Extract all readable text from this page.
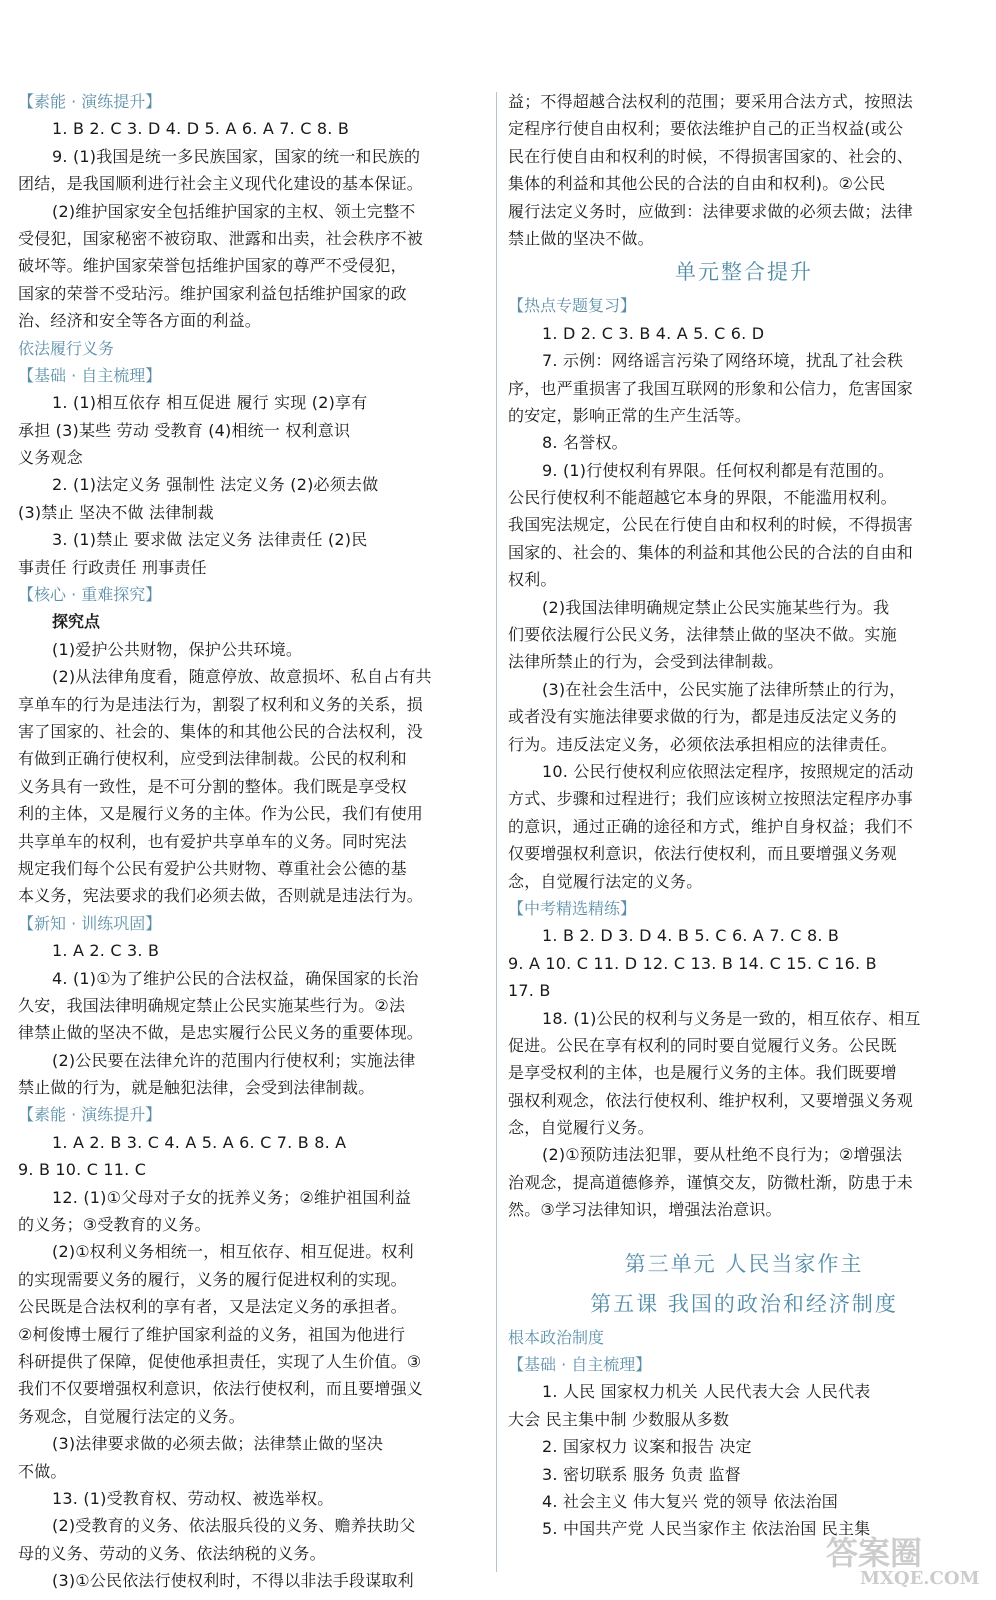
【素能 · 演练提升】
1. B 2. C 3. D 4. D 5. A 6. A 7. C 8. B
9. (1)我国是统一多民族国家，国家的统一和民族的
团结，是我国顺利进行社会主义现代化建设的基本保证。
(2)维护国家安全包括维护国家的主权、领土完整不
受侵犯，国家秘密不被窃取、泄露和出卖，社会秩序不被
破坏等。维护国家荣誉包括维护国家的尊严不受侵犯，
国家的荣誉不受玷污。维护国家利益包括维护国家的政
治、经济和安全等各方面的利益。
依法履行义务
【基础 · 自主梳理】
1. (1)相互依存 相互促进 履行 实现 (2)享有
承担 (3)某些 劳动 受教育 (4)相统一 权利意识
义务观念
2. (1)法定义务 强制性 法定义务 (2)必须去做
(3)禁止 坚决不做 法律制裁
3. (1)禁止 要求做 法定义务 法律责任 (2)民
事责任 行政责任 刑事责任
【核心 · 重难探究】
探究点
(1)爱护公共财物，保护公共环境。
(2)从法律角度看，随意停放、故意损坏、私自占有共
享单车的行为是违法行为，割裂了权利和义务的关系，损
害了国家的、社会的、集体的和其他公民的合法权利，没
有做到正确行使权利，应受到法律制裁。公民的权利和
义务具有一致性，是不可分割的整体。我们既是享受权
利的主体，又是履行义务的主体。作为公民，我们有使用
共享单车的权利，也有爱护共享单车的义务。同时宪法
规定我们每个公民有爱护公共财物、尊重社会公德的基
本义务，宪法要求的我们必须去做，否则就是违法行为。
【新知 · 训练巩固】
1. A 2. C 3. B
4. (1)①为了维护公民的合法权益，确保国家的长治
久安，我国法律明确规定禁止公民实施某些行为。②法
律禁止做的坚决不做，是忠实履行公民义务的重要体现。
(2)公民要在法律允许的范围内行使权利；实施法律
禁止做的行为，就是触犯法律，会受到法律制裁。
【素能 · 演练提升】
1. A 2. B 3. C 4. A 5. A 6. C 7. B 8. A
9. B 10. C 11. C
12. (1)①父母对子女的抚养义务；②维护祖国利益
的义务；③受教育的义务。
(2)①权利义务相统一，相互依存、相互促进。权利
的实现需要义务的履行，义务的履行促进权利的实现。
公民既是合法权利的享有者，又是法定义务的承担者。
②柯俊博士履行了维护国家利益的义务，祖国为他进行
科研提供了保障，促使他承担责任，实现了人生价值。③
我们不仅要增强权利意识，依法行使权利，而且要增强义
务观念，自觉履行法定的义务。
(3)法律要求做的必须去做；法律禁止做的坚决
不做。
13. (1)受教育权、劳动权、被选举权。
(2)受教育的义务、依法服兵役的义务、赡养扶助父
母的义务、劳动的义务、依法纳税的义务。
(3)①公民依法行使权利时，不得以非法手段谋取利
益；不得超越合法权利的范围；要采用合法方式，按照法
定程序行使自由权利；要依法维护自己的正当权益(或公
民在行使自由和权利的时候，不得损害国家的、社会的、
集体的利益和其他公民的合法的自由和权利)。②公民
履行法定义务时，应做到：法律要求做的必须去做；法律
禁止做的坚决不做。
单元整合提升
【热点专题复习】
1. D 2. C 3. B 4. A 5. C 6. D
7. 示例：网络谣言污染了网络环境，扰乱了社会秩
序，也严重损害了我国互联网的形象和公信力，危害国家
的安定，影响正常的生产生活等。
8. 名誉权。
9. (1)行使权利有界限。任何权利都是有范围的。
公民行使权利不能超越它本身的界限，不能滥用权利。
我国宪法规定，公民在行使自由和权利的时候，不得损害
国家的、社会的、集体的利益和其他公民的合法的自由和
权利。
(2)我国法律明确规定禁止公民实施某些行为。我
们要依法履行公民义务，法律禁止做的坚决不做。实施
法律所禁止的行为，会受到法律制裁。
(3)在社会生活中，公民实施了法律所禁止的行为，
或者没有实施法律要求做的行为，都是违反法定义务的
行为。违反法定义务，必须依法承担相应的法律责任。
10. 公民行使权利应依照法定程序，按照规定的活动
方式、步骤和过程进行；我们应该树立按照法定程序办事
的意识，通过正确的途径和方式，维护自身权益；我们不
仅要增强权利意识，依法行使权利，而且要增强义务观
念，自觉履行法定的义务。
【中考精选精练】
1. B 2. D 3. D 4. B 5. C 6. A 7. C 8. B
9. A 10. C 11. D 12. C 13. B 14. C 15. C 16. B
17. B
18. (1)公民的权利与义务是一致的，相互依存、相互
促进。公民在享有权利的同时要自觉履行义务。公民既
是享受权利的主体，也是履行义务的主体。我们既要增
强权利观念，依法行使权利、维护权利，又要增强义务观
念，自觉履行义务。
(2)①预防违法犯罪，要从杜绝不良行为；②增强法
治观念，提高道德修养，谨慎交友，防微杜渐，防患于未
然。③学习法律知识，增强法治意识。
第三单元 人民当家作主
第五课 我国的政治和经济制度
根本政治制度
【基础 · 自主梳理】
1. 人民 国家权力机关 人民代表大会 人民代表
大会 民主集中制 少数服从多数
2. 国家权力 议案和报告 决定
3. 密切联系 服务 负责 监督
4. 社会主义 伟大复兴 党的领导 依法治国
5. 中国共产党 人民当家作主 依法治国 民主集
答案圈
MXQE.COM
